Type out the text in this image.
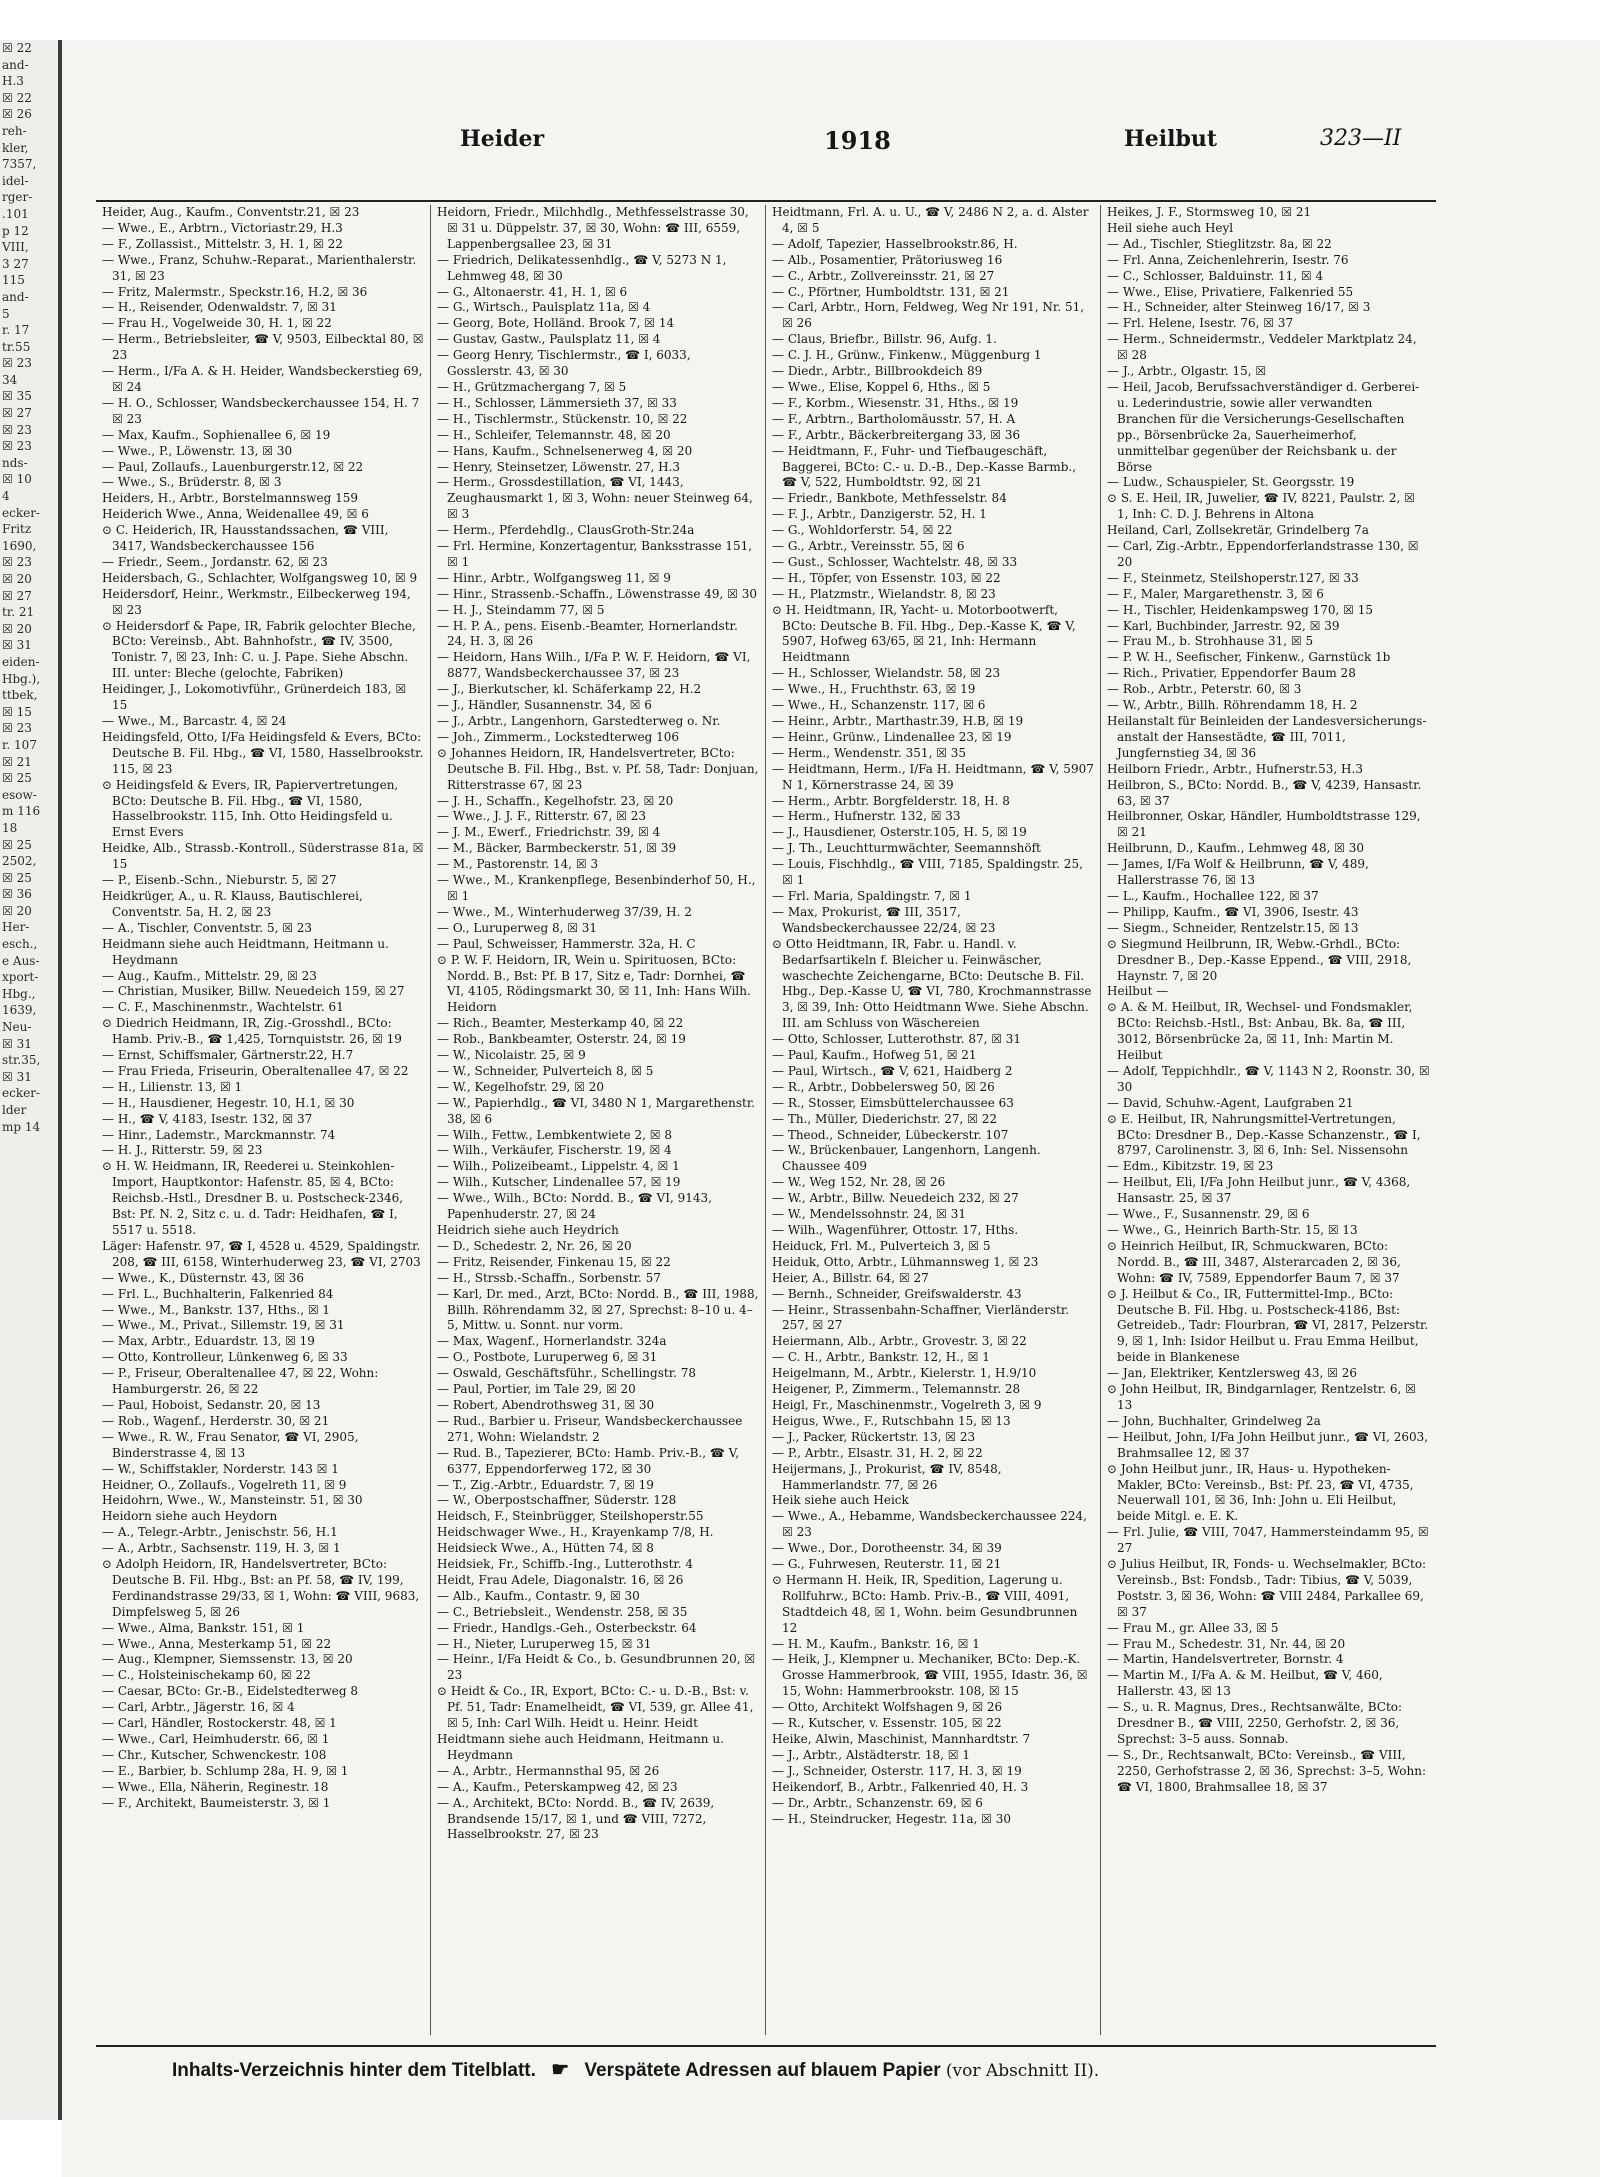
☒ 22
and-
H.3
☒ 22
☒ 26
reh-
kler,
7357,
idel-
rger-
.101
p 12
VIII,
3 27
115
and-
5
r. 17
tr.55
☒ 23
34
☒ 35
☒ 27
☒ 23
☒ 23
nds-
☒ 10
4
ecker-
Fritz
1690,
☒ 23
☒ 20
☒ 27
tr. 21
☒ 20
☒ 31
eiden-
Hbg.),
ttbek,
☒ 15
☒ 23
r. 107
☒ 21
☒ 25
esow-
m 116
18
☒ 25
2502,
☒ 25
☒ 36
☒ 20
Her-
esch.,
e Aus-
xport-
Hbg.,
1639,
Neu-
☒ 31
str.35,
☒ 31
ecker-
lder
mp 14
Heider	1918	Heilbut	323—II

Heider, Aug., Kaufm., Conventstr.21, ☒ 23

— Wwe., E., Arbtrn., Victoriastr.29, H.3

— F., Zollassist., Mittelstr. 3, H. 1, ☒ 22

— Wwe., Franz, Schuhw.-Reparat., Marienthalerstr. 31, ☒ 23

— Fritz, Malermstr., Speckstr.16, H.2, ☒ 36

— H., Reisender, Odenwaldstr. 7, ☒ 31

— Frau H., Vogelweide 30, H. 1, ☒ 22

— Herm., Betriebsleiter, ☎ V, 9503, Eilbecktal 80, ☒ 23

— Herm., I/Fa A. & H. Heider, Wandsbeckerstieg 69, ☒ 24

— H. O., Schlosser, Wandsbeckerchaussee 154, H. 7 ☒ 23

— Max, Kaufm., Sophienallee 6, ☒ 19

— Wwe., P., Löwenstr. 13, ☒ 30

— Paul, Zollaufs., Lauenburgerstr.12, ☒ 22

— Wwe., S., Brüderstr. 8, ☒ 3

Heiders, H., Arbtr., Borstelmannsweg 159

Heiderich Wwe., Anna, Weidenallee 49, ☒ 6

⊙ C. Heiderich, IR, Hausstandssachen, ☎ VIII, 3417, Wandsbeckerchaussee 156

— Friedr., Seem., Jordanstr. 62, ☒ 23

Heidersbach, G., Schlachter, Wolfgangsweg 10, ☒ 9

Heidersdorf, Heinr., Werkmstr., Eilbeckerweg 194, ☒ 23

⊙ Heidersdorf & Pape, IR, Fabrik gelochter Bleche, BCto: Vereinsb., Abt. Bahnhofstr., ☎ IV, 3500, Tonistr. 7, ☒ 23, Inh: C. u. J. Pape. Siehe Abschn. III. unter: Bleche (gelochte, Fabriken)

Heidinger, J., Lokomotivführ., Grünerdeich 183, ☒ 15

— Wwe., M., Barcastr. 4, ☒ 24

Heidingsfeld, Otto, I/Fa Heidingsfeld & Evers, BCto: Deutsche B. Fil. Hbg., ☎ VI, 1580, Hasselbrookstr. 115, ☒ 23

⊙ Heidingsfeld & Evers, IR, Papiervertretungen, BCto: Deutsche B. Fil. Hbg., ☎ VI, 1580, Hasselbrookstr. 115, Inh. Otto Heidingsfeld u. Ernst Evers

Heidke, Alb., Strassb.-Kontroll., Süderstrasse 81a, ☒ 15

— P., Eisenb.-Schn., Nieburstr. 5, ☒ 27

Heidkrüger, A., u. R. Klauss, Bautischlerei, Conventstr. 5a, H. 2, ☒ 23

— A., Tischler, Conventstr. 5, ☒ 23

Heidmann siehe auch Heidtmann, Heitmann u. Heydmann

— Aug., Kaufm., Mittelstr. 29, ☒ 23

— Christian, Musiker, Billw. Neuedeich 159, ☒ 27

— C. F., Maschinenmstr., Wachtelstr. 61

⊙ Diedrich Heidmann, IR, Zig.-Grosshdl., BCto: Hamb. Priv.-B., ☎ 1,425, Tornquiststr. 26, ☒ 19

— Ernst, Schiffsmaler, Gärtnerstr.22, H.7

— Frau Frieda, Friseurin, Oberaltenallee 47, ☒ 22

— H., Lilienstr. 13, ☒ 1

— H., Hausdiener, Hegestr. 10, H.1, ☒ 30

— H., ☎ V, 4183, Isestr. 132, ☒ 37

— Hinr., Lademstr., Marckmannstr. 74

— H. J., Ritterstr. 59, ☒ 23

⊙ H. W. Heidmann, IR, Reederei u. Steinkohlen-Import, Hauptkontor: Hafenstr. 85, ☒ 4, BCto: Reichsb.-Hstl., Dresdner B. u. Postscheck-2346, Bst: Pf. N. 2, Sitz c. u. d. Tadr: Heidhafen, ☎ I, 5517 u. 5518.

Läger: Hafenstr. 97, ☎ I, 4528 u. 4529, Spaldingstr. 208, ☎ III, 6158, Winterhuderweg 23, ☎ VI, 2703

— Wwe., K., Düsternstr. 43, ☒ 36

— Frl. L., Buchhalterin, Falkenried 84

— Wwe., M., Bankstr. 137, Hths., ☒ 1

— Wwe., M., Privat., Sillemstr. 19, ☒ 31

— Max, Arbtr., Eduardstr. 13, ☒ 19

— Otto, Kontrolleur, Lünkenweg 6, ☒ 33

— P., Friseur, Oberaltenallee 47, ☒ 22, Wohn: Hamburgerstr. 26, ☒ 22

— Paul, Hoboist, Sedanstr. 20, ☒ 13

— Rob., Wagenf., Herderstr. 30, ☒ 21

— Wwe., R. W., Frau Senator, ☎ VI, 2905, Binderstrasse 4, ☒ 13

— W., Schiffstakler, Norderstr. 143 ☒ 1

Heidner, O., Zollaufs., Vogelreth 11, ☒ 9

Heidohrn, Wwe., W., Mansteinstr. 51, ☒ 30

Heidorn siehe auch Heydorn

— A., Telegr.-Arbtr., Jenischstr. 56, H.1

— A., Arbtr., Sachsenstr. 119, H. 3, ☒ 1

⊙ Adolph Heidorn, IR, Handelsvertreter, BCto: Deutsche B. Fil. Hbg., Bst: an Pf. 58, ☎ IV, 199, Ferdinandstrasse 29/33, ☒ 1, Wohn: ☎ VIII, 9683, Dimpfelsweg 5, ☒ 26

— Wwe., Alma, Bankstr. 151, ☒ 1

— Wwe., Anna, Mesterkamp 51, ☒ 22

— Aug., Klempner, Siemssenstr. 13, ☒ 20

— C., Holsteinischekamp 60, ☒ 22

— Caesar, BCto: Gr.-B., Eidelstedterweg 8

— Carl, Arbtr., Jägerstr. 16, ☒ 4

— Carl, Händler, Rostockerstr. 48, ☒ 1

— Wwe., Carl, Heimhuderstr. 66, ☒ 1

— Chr., Kutscher, Schwenckestr. 108

— E., Barbier, b. Schlump 28a, H. 9, ☒ 1

— Wwe., Ella, Näherin, Reginestr. 18

— F., Architekt, Baumeisterstr. 3, ☒ 1

Heidorn, Friedr., Milchhdlg., Methfesselstrasse 30, ☒ 31 u. Düppelstr. 37, ☒ 30, Wohn: ☎ III, 6559, Lappenbergsallee 23, ☒ 31

— Friedrich, Delikatessenhdlg., ☎ V, 5273 N 1, Lehmweg 48, ☒ 30

— G., Altonaerstr. 41, H. 1, ☒ 6

— G., Wirtsch., Paulsplatz 11a, ☒ 4

— Georg, Bote, Holländ. Brook 7, ☒ 14

— Gustav, Gastw., Paulsplatz 11, ☒ 4

— Georg Henry, Tischlermstr., ☎ I, 6033, Gosslerstr. 43, ☒ 30

— H., Grützmachergang 7, ☒ 5

— H., Schlosser, Lämmersieth 37, ☒ 33

— H., Tischlermstr., Stückenstr. 10, ☒ 22

— H., Schleifer, Telemannstr. 48, ☒ 20

— Hans, Kaufm., Schnelsenerweg 4, ☒ 20

— Henry, Steinsetzer, Löwenstr. 27, H.3

— Herm., Grossdestillation, ☎ VI, 1443, Zeughausmarkt 1, ☒ 3, Wohn: neuer Steinweg 64, ☒ 3

— Herm., Pferdehdlg., ClausGroth-Str.24a

— Frl. Hermine, Konzertagentur, Banksstrasse 151, ☒ 1

— Hinr., Arbtr., Wolfgangsweg 11, ☒ 9

— Hinr., Strassenb.-Schaffn., Löwenstrasse 49, ☒ 30

— H. J., Steindamm 77, ☒ 5

— H. P. A., pens. Eisenb.-Beamter, Hornerlandstr. 24, H. 3, ☒ 26

— Heidorn, Hans Wilh., I/Fa P. W. F. Heidorn, ☎ VI, 8877, Wandsbeckerchaussee 37, ☒ 23

— J., Bierkutscher, kl. Schäferkamp 22, H.2

— J., Händler, Susannenstr. 34, ☒ 6

— J., Arbtr., Langenhorn, Garstedterweg o. Nr.

— Joh., Zimmerm., Lockstedterweg 106

⊙ Johannes Heidorn, IR, Handelsvertreter, BCto: Deutsche B. Fil. Hbg., Bst. v. Pf. 58, Tadr: Donjuan, Ritterstrasse 67, ☒ 23

— J. H., Schaffn., Kegelhofstr. 23, ☒ 20

— Wwe., J. J. F., Ritterstr. 67, ☒ 23

— J. M., Ewerf., Friedrichstr. 39, ☒ 4

— M., Bäcker, Barmbeckerstr. 51, ☒ 39

— M., Pastorenstr. 14, ☒ 3

— Wwe., M., Krankenpflege, Besenbinderhof 50, H., ☒ 1

— Wwe., M., Winterhuderweg 37/39, H. 2

— O., Luruperweg 8, ☒ 31

— Paul, Schweisser, Hammerstr. 32a, H. C

⊙ P. W. F. Heidorn, IR, Wein u. Spirituosen, BCto: Nordd. B., Bst: Pf. B 17, Sitz e, Tadr: Dornhei, ☎ VI, 4105, Rödingsmarkt 30, ☒ 11, Inh: Hans Wilh. Heidorn

— Rich., Beamter, Mesterkamp 40, ☒ 22

— Rob., Bankbeamter, Osterstr. 24, ☒ 19

— W., Nicolaistr. 25, ☒ 9

— W., Schneider, Pulverteich 8, ☒ 5

— W., Kegelhofstr. 29, ☒ 20

— W., Papierhdlg., ☎ VI, 3480 N 1, Margarethenstr. 38, ☒ 6

— Wilh., Fettw., Lembkentwiete 2, ☒ 8

— Wilh., Verkäufer, Fischerstr. 19, ☒ 4

— Wilh., Polizeibeamt., Lippelstr. 4, ☒ 1

— Wilh., Kutscher, Lindenallee 57, ☒ 19

— Wwe., Wilh., BCto: Nordd. B., ☎ VI, 9143, Papenhuderstr. 27, ☒ 24

Heidrich siehe auch Heydrich

— D., Schedestr. 2, Nr. 26, ☒ 20

— Fritz, Reisender, Finkenau 15, ☒ 22

— H., Strssb.-Schaffn., Sorbenstr. 57

— Karl, Dr. med., Arzt, BCto: Nordd. B., ☎ III, 1988, Billh. Röhrendamm 32, ☒ 27, Sprechst: 8–10 u. 4–5, Mittw. u. Sonnt. nur vorm.

— Max, Wagenf., Hornerlandstr. 324a

— O., Postbote, Luruperweg 6, ☒ 31

— Oswald, Geschäftsführ., Schellingstr. 78

— Paul, Portier, im Tale 29, ☒ 20

— Robert, Abendrothsweg 31, ☒ 30

— Rud., Barbier u. Friseur, Wandsbeckerchaussee 271, Wohn: Wielandstr. 2

— Rud. B., Tapezierer, BCto: Hamb. Priv.-B., ☎ V, 6377, Eppendorferweg 172, ☒ 30

— T., Zig.-Arbtr., Eduardstr. 7, ☒ 19

— W., Oberpostschaffner, Süderstr. 128

Heidsch, F., Steinbrügger, Steilshoperstr.55

Heidschwager Wwe., H., Krayenkamp 7/8, H.

Heidsieck Wwe., A., Hütten 74, ☒ 8

Heidsiek, Fr., Schiffb.-Ing., Lutterothstr. 4

Heidt, Frau Adele, Diagonalstr. 16, ☒ 26

— Alb., Kaufm., Contastr. 9, ☒ 30

— C., Betriebsleit., Wendenstr. 258, ☒ 35

— Friedr., Handlgs.-Geh., Osterbeckstr. 64

— H., Nieter, Luruperweg 15, ☒ 31

— Heinr., I/Fa Heidt & Co., b. Gesundbrunnen 20, ☒ 23

⊙ Heidt & Co., IR, Export, BCto: C.- u. D.-B., Bst: v. Pf. 51, Tadr: Enamelheidt, ☎ VI, 539, gr. Allee 41, ☒ 5, Inh: Carl Wilh. Heidt u. Heinr. Heidt

Heidtmann siehe auch Heidmann, Heitmann u. Heydmann

— A., Arbtr., Hermannsthal 95, ☒ 26

— A., Kaufm., Peterskampweg 42, ☒ 23

— A., Architekt, BCto: Nordd. B., ☎ IV, 2639, Brandsende 15/17, ☒ 1, und ☎ VIII, 7272, Hasselbrookstr. 27, ☒ 23

Heidtmann, Frl. A. u. U., ☎ V, 2486 N 2, a. d. Alster 4, ☒ 5

— Adolf, Tapezier, Hasselbrookstr.86, H.

— Alb., Posamentier, Prätoriusweg 16

— C., Arbtr., Zollvereinsstr. 21, ☒ 27

— C., Pförtner, Humboldtstr. 131, ☒ 21

— Carl, Arbtr., Horn, Feldweg, Weg Nr 191, Nr. 51, ☒ 26

— Claus, Briefbr., Billstr. 96, Aufg. 1.

— C. J. H., Grünw., Finkenw., Müggenburg 1

— Diedr., Arbtr., Billbrookdeich 89

— Wwe., Elise, Koppel 6, Hths., ☒ 5

— F., Korbm., Wiesenstr. 31, Hths., ☒ 19

— F., Arbtrn., Bartholomäusstr. 57, H. A

— F., Arbtr., Bäckerbreitergang 33, ☒ 36

— Heidtmann, F., Fuhr- und Tiefbaugeschäft, Baggerei, BCto: C.- u. D.-B., Dep.-Kasse Barmb., ☎ V, 522, Humboldtstr. 92, ☒ 21

— Friedr., Bankbote, Methfesselstr. 84

— F. J., Arbtr., Danzigerstr. 52, H. 1

— G., Wohldorferstr. 54, ☒ 22

— G., Arbtr., Vereinsstr. 55, ☒ 6

— Gust., Schlosser, Wachtelstr. 48, ☒ 33

— H., Töpfer, von Essenstr. 103, ☒ 22

— H., Platzmstr., Wielandstr. 8, ☒ 23

⊙ H. Heidtmann, IR, Yacht- u. Motorbootwerft, BCto: Deutsche B. Fil. Hbg., Dep.-Kasse K, ☎ V, 5907, Hofweg 63/65, ☒ 21, Inh: Hermann Heidtmann

— H., Schlosser, Wielandstr. 58, ☒ 23

— Wwe., H., Fruchthstr. 63, ☒ 19

— Wwe., H., Schanzenstr. 117, ☒ 6

— Heinr., Arbtr., Marthastr.39, H.B, ☒ 19

— Heinr., Grünw., Lindenallee 23, ☒ 19

— Herm., Wendenstr. 351, ☒ 35

— Heidtmann, Herm., I/Fa H. Heidtmann, ☎ V, 5907 N 1, Körnerstrasse 24, ☒ 39

— Herm., Arbtr. Borgfelderstr. 18, H. 8

— Herm., Hufnerstr. 132, ☒ 33

— J., Hausdiener, Osterstr.105, H. 5, ☒ 19

— J. Th., Leuchtturmwächter, Seemannshöft

— Louis, Fischhdlg., ☎ VIII, 7185, Spaldingstr. 25, ☒ 1

— Frl. Maria, Spaldingstr. 7, ☒ 1

— Max, Prokurist, ☎ III, 3517, Wandsbeckerchaussee 22/24, ☒ 23

⊙ Otto Heidtmann, IR, Fabr. u. Handl. v. Bedarfsartikeln f. Bleicher u. Feinwäscher, waschechte Zeichengarne, BCto: Deutsche B. Fil. Hbg., Dep.-Kasse U, ☎ VI, 780, Krochmannstrasse 3, ☒ 39, Inh: Otto Heidtmann Wwe. Siehe Abschn. III. am Schluss von Wäschereien

— Otto, Schlosser, Lutterothstr. 87, ☒ 31

— Paul, Kaufm., Hofweg 51, ☒ 21

— Paul, Wirtsch., ☎ V, 621, Haidberg 2

— R., Arbtr., Dobbelersweg 50, ☒ 26

— R., Stosser, Eimsbüttelerchaussee 63

— Th., Müller, Diederichstr. 27, ☒ 22

— Theod., Schneider, Lübeckerstr. 107

— W., Brückenbauer, Langenhorn, Langenh. Chaussee 409

— W., Weg 152, Nr. 28, ☒ 26

— W., Arbtr., Billw. Neuedeich 232, ☒ 27

— W., Mendelssohnstr. 24, ☒ 31

— Wilh., Wagenführer, Ottostr. 17, Hths.

Heiduck, Frl. M., Pulverteich 3, ☒ 5

Heiduk, Otto, Arbtr., Lühmannsweg 1, ☒ 23

Heier, A., Billstr. 64, ☒ 27

— Bernh., Schneider, Greifswalderstr. 43

— Heinr., Strassenbahn-Schaffner, Vierländerstr. 257, ☒ 27

Heiermann, Alb., Arbtr., Grovestr. 3, ☒ 22

— C. H., Arbtr., Bankstr. 12, H., ☒ 1

Heigelmann, M., Arbtr., Kielerstr. 1, H.9/10

Heigener, P., Zimmerm., Telemannstr. 28

Heigl, Fr., Maschinenmstr., Vogelreth 3, ☒ 9

Heigus, Wwe., F., Rutschbahn 15, ☒ 13

— J., Packer, Rückertstr. 13, ☒ 23

— P., Arbtr., Elsastr. 31, H. 2, ☒ 22

Heijermans, J., Prokurist, ☎ IV, 8548, Hammerlandstr. 77, ☒ 26

Heik siehe auch Heick

— Wwe., A., Hebamme, Wandsbeckerchaussee 224, ☒ 23

— Wwe., Dor., Dorotheenstr. 34, ☒ 39

— G., Fuhrwesen, Reuterstr. 11, ☒ 21

⊙ Hermann H. Heik, IR, Spedition, Lagerung u. Rollfuhrw., BCto: Hamb. Priv.-B., ☎ VIII, 4091, Stadtdeich 48, ☒ 1, Wohn. beim Gesundbrunnen 12

— H. M., Kaufm., Bankstr. 16, ☒ 1

— Heik, J., Klempner u. Mechaniker, BCto: Dep.-K. Grosse Hammerbrook, ☎ VIII, 1955, Idastr. 36, ☒ 15, Wohn: Hammerbrookstr. 108, ☒ 15

— Otto, Architekt Wolfshagen 9, ☒ 26

— R., Kutscher, v. Essenstr. 105, ☒ 22

Heike, Alwin, Maschinist, Mannhardtstr. 7

— J., Arbtr., Alstädterstr. 18, ☒ 1

— J., Schneider, Osterstr. 117, H. 3, ☒ 19

Heikendorf, B., Arbtr., Falkenried 40, H. 3

— Dr., Arbtr., Schanzenstr. 69, ☒ 6

— H., Steindrucker, Hegestr. 11a, ☒ 30

Heikes, J. F., Stormsweg 10, ☒ 21

Heil siehe auch Heyl

— Ad., Tischler, Stieglitzstr. 8a, ☒ 22

— Frl. Anna, Zeichenlehrerin, Isestr. 76

— C., Schlosser, Balduinstr. 11, ☒ 4

— Wwe., Elise, Privatiere, Falkenried 55

— H., Schneider, alter Steinweg 16/17, ☒ 3

— Frl. Helene, Isestr. 76, ☒ 37

— Herm., Schneidermstr., Veddeler Marktplatz 24, ☒ 28

— J., Arbtr., Olgastr. 15, ☒

— Heil, Jacob, Berufssachverständiger d. Gerberei-u. Lederindustrie, sowie aller verwandten Branchen für die Versicherungs-Gesellschaften pp., Börsenbrücke 2a, Sauerheimerhof, unmittelbar gegenüber der Reichsbank u. der Börse

— Ludw., Schauspieler, St. Georgsstr. 19

⊙ S. E. Heil, IR, Juwelier, ☎ IV, 8221, Paulstr. 2, ☒ 1, Inh: C. D. J. Behrens in Altona

Heiland, Carl, Zollsekretär, Grindelberg 7a

— Carl, Zig.-Arbtr., Eppendorferlandstrasse 130, ☒ 20

— F., Steinmetz, Steilshoperstr.127, ☒ 33

— F., Maler, Margarethenstr. 3, ☒ 6

— H., Tischler, Heidenkampsweg 170, ☒ 15

— Karl, Buchbinder, Jarrestr. 92, ☒ 39

— Frau M., b. Strohhause 31, ☒ 5

— P. W. H., Seefischer, Finkenw., Garnstück 1b

— Rich., Privatier, Eppendorfer Baum 28

— Rob., Arbtr., Peterstr. 60, ☒ 3

— W., Arbtr., Billh. Röhrendamm 18, H. 2

Heilanstalt für Beinleiden der Landesversicherungs-anstalt der Hansestädte, ☎ III, 7011, Jungfernstieg 34, ☒ 36

Heilborn Friedr., Arbtr., Hufnerstr.53, H.3

Heilbron, S., BCto: Nordd. B., ☎ V, 4239, Hansastr. 63, ☒ 37

Heilbronner, Oskar, Händler, Humboldtstrasse 129, ☒ 21

Heilbrunn, D., Kaufm., Lehmweg 48, ☒ 30

— James, I/Fa Wolf & Heilbrunn, ☎ V, 489, Hallerstrasse 76, ☒ 13

— L., Kaufm., Hochallee 122, ☒ 37

— Philipp, Kaufm., ☎ VI, 3906, Isestr. 43

— Siegm., Schneider, Rentzelstr.15, ☒ 13

⊙ Siegmund Heilbrunn, IR, Webw.-Grhdl., BCto: Dresdner B., Dep.-Kasse Eppend., ☎ VIII, 2918, Haynstr. 7, ☒ 20

Heilbut —

⊙ A. & M. Heilbut, IR, Wechsel- und Fondsmakler, BCto: Reichsb.-Hstl., Bst: Anbau, Bk. 8a, ☎ III, 3012, Börsenbrücke 2a, ☒ 11, Inh: Martin M. Heilbut

— Adolf, Teppichhdlr., ☎ V, 1143 N 2, Roonstr. 30, ☒ 30

— David, Schuhw.-Agent, Laufgraben 21

⊙ E. Heilbut, IR, Nahrungsmittel-Vertretungen, BCto: Dresdner B., Dep.-Kasse Schanzenstr., ☎ I, 8797, Carolinenstr. 3, ☒ 6, Inh: Sel. Nissensohn

— Edm., Kibitzstr. 19, ☒ 23

— Heilbut, Eli, I/Fa John Heilbut junr., ☎ V, 4368, Hansastr. 25, ☒ 37

— Wwe., F., Susannenstr. 29, ☒ 6

— Wwe., G., Heinrich Barth-Str. 15, ☒ 13

⊙ Heinrich Heilbut, IR, Schmuckwaren, BCto: Nordd. B., ☎ III, 3487, Alsterarcaden 2, ☒ 36, Wohn: ☎ IV, 7589, Eppendorfer Baum 7, ☒ 37

⊙ J. Heilbut & Co., IR, Futtermittel-Imp., BCto: Deutsche B. Fil. Hbg. u. Postscheck-4186, Bst: Getreideb., Tadr: Flourbran, ☎ VI, 2817, Pelzerstr. 9, ☒ 1, Inh: Isidor Heilbut u. Frau Emma Heilbut, beide in Blankenese

— Jan, Elektriker, Kentzlersweg 43, ☒ 26

⊙ John Heilbut, IR, Bindgarnlager, Rentzelstr. 6, ☒ 13

— John, Buchhalter, Grindelweg 2a

— Heilbut, John, I/Fa John Heilbut junr., ☎ VI, 2603, Brahmsallee 12, ☒ 37

⊙ John Heilbut junr., IR, Haus- u. Hypotheken-Makler, BCto: Vereinsb., Bst: Pf. 23, ☎ VI, 4735, Neuerwall 101, ☒ 36, Inh: John u. Eli Heilbut, beide Mitgl. e. E. K.

— Frl. Julie, ☎ VIII, 7047, Hammersteindamm 95, ☒ 27

⊙ Julius Heilbut, IR, Fonds- u. Wechselmakler, BCto: Vereinsb., Bst: Fondsb., Tadr: Tibius, ☎ V, 5039, Poststr. 3, ☒ 36, Wohn: ☎ VIII 2484, Parkallee 69, ☒ 37

— Frau M., gr. Allee 33, ☒ 5

— Frau M., Schedestr. 31, Nr. 44, ☒ 20

— Martin, Handelsvertreter, Bornstr. 4

— Martin M., I/Fa A. & M. Heilbut, ☎ V, 460, Hallerstr. 43, ☒ 13

— S., u. R. Magnus, Dres., Rechtsanwälte, BCto: Dresdner B., ☎ VIII, 2250, Gerhofstr. 2, ☒ 36, Sprechst: 3–5 auss. Sonnab.

— S., Dr., Rechtsanwalt, BCto: Vereinsb., ☎ VIII, 2250, Gerhofstrasse 2, ☒ 36, Sprechst: 3–5, Wohn: ☎ VI, 1800, Brahmsallee 18, ☒ 37

Inhalts-Verzeichnis hinter dem Titelblatt. ☛ Verspätete Adressen auf blauem Papier (vor Abschnitt II).
